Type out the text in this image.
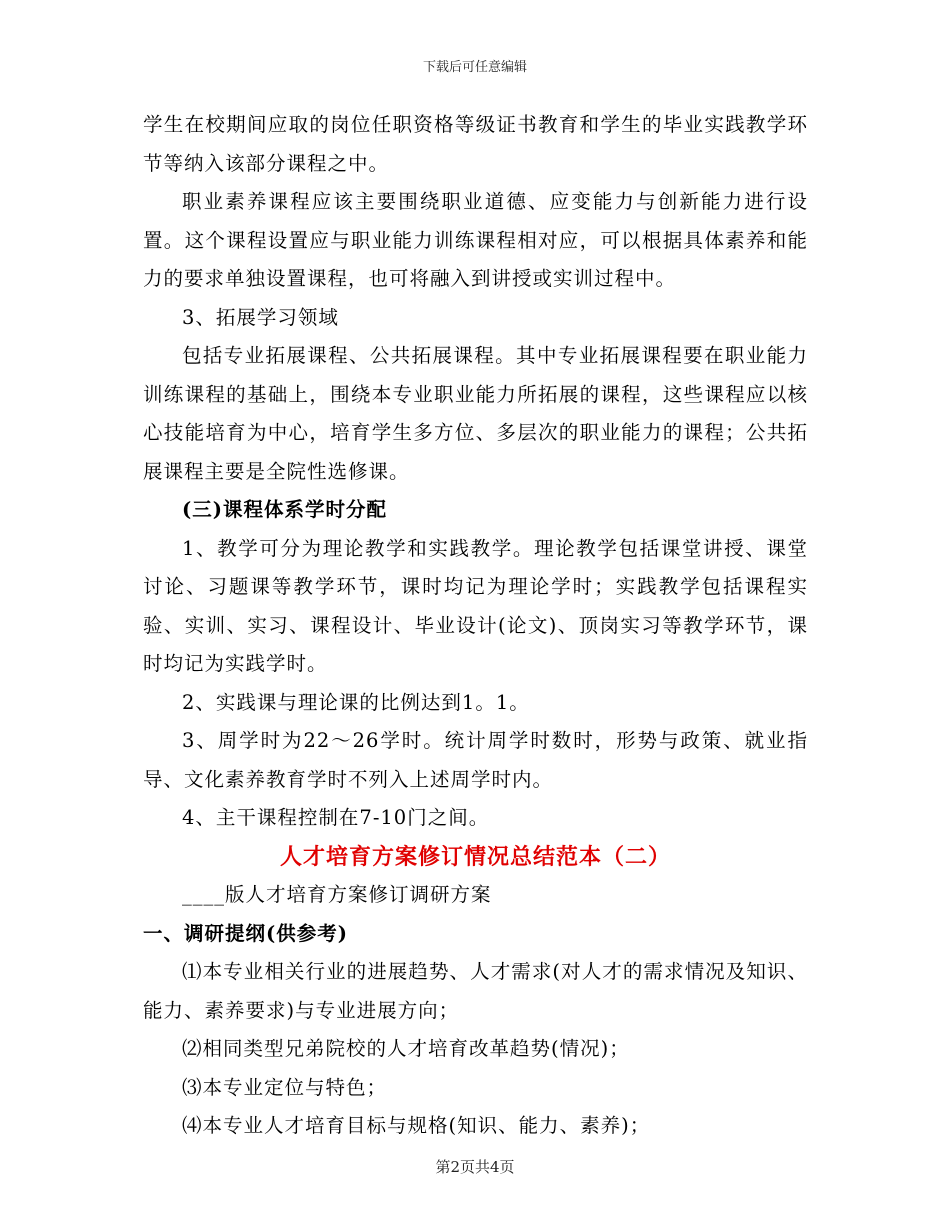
下载后可任意编辑

学生在校期间应取的岗位任职资格等级证书教育和学生的毕业实践教学环节等纳入该部分课程之中。

职业素养课程应该主要围绕职业道德、应变能力与创新能力进行设置。这个课程设置应与职业能力训练课程相对应，可以根据具体素养和能力的要求单独设置课程，也可将融入到讲授或实训过程中。

3、拓展学习领域

包括专业拓展课程、公共拓展课程。其中专业拓展课程要在职业能力训练课程的基础上，围绕本专业职业能力所拓展的课程，这些课程应以核心技能培育为中心，培育学生多方位、多层次的职业能力的课程；公共拓展课程主要是全院性选修课。

(三)课程体系学时分配

1、教学可分为理论教学和实践教学。理论教学包括课堂讲授、课堂讨论、习题课等教学环节，课时均记为理论学时；实践教学包括课程实验、实训、实习、课程设计、毕业设计(论文)、顶岗实习等教学环节，课时均记为实践学时。

2、实践课与理论课的比例达到1。1。

3、周学时为22～26学时。统计周学时数时，形势与政策、就业指导、文化素养教育学时不列入上述周学时内。

4、主干课程控制在7-10门之间。

人才培育方案修订情况总结范本（二）

____版人才培育方案修订调研方案

一、调研提纲(供参考)

⑴本专业相关行业的进展趋势、人才需求(对人才的需求情况及知识、能力、素养要求)与专业进展方向；

⑵相同类型兄弟院校的人才培育改革趋势(情况)；

⑶本专业定位与特色；

⑷本专业人才培育目标与规格(知识、能力、素养)；

第2页共4页
